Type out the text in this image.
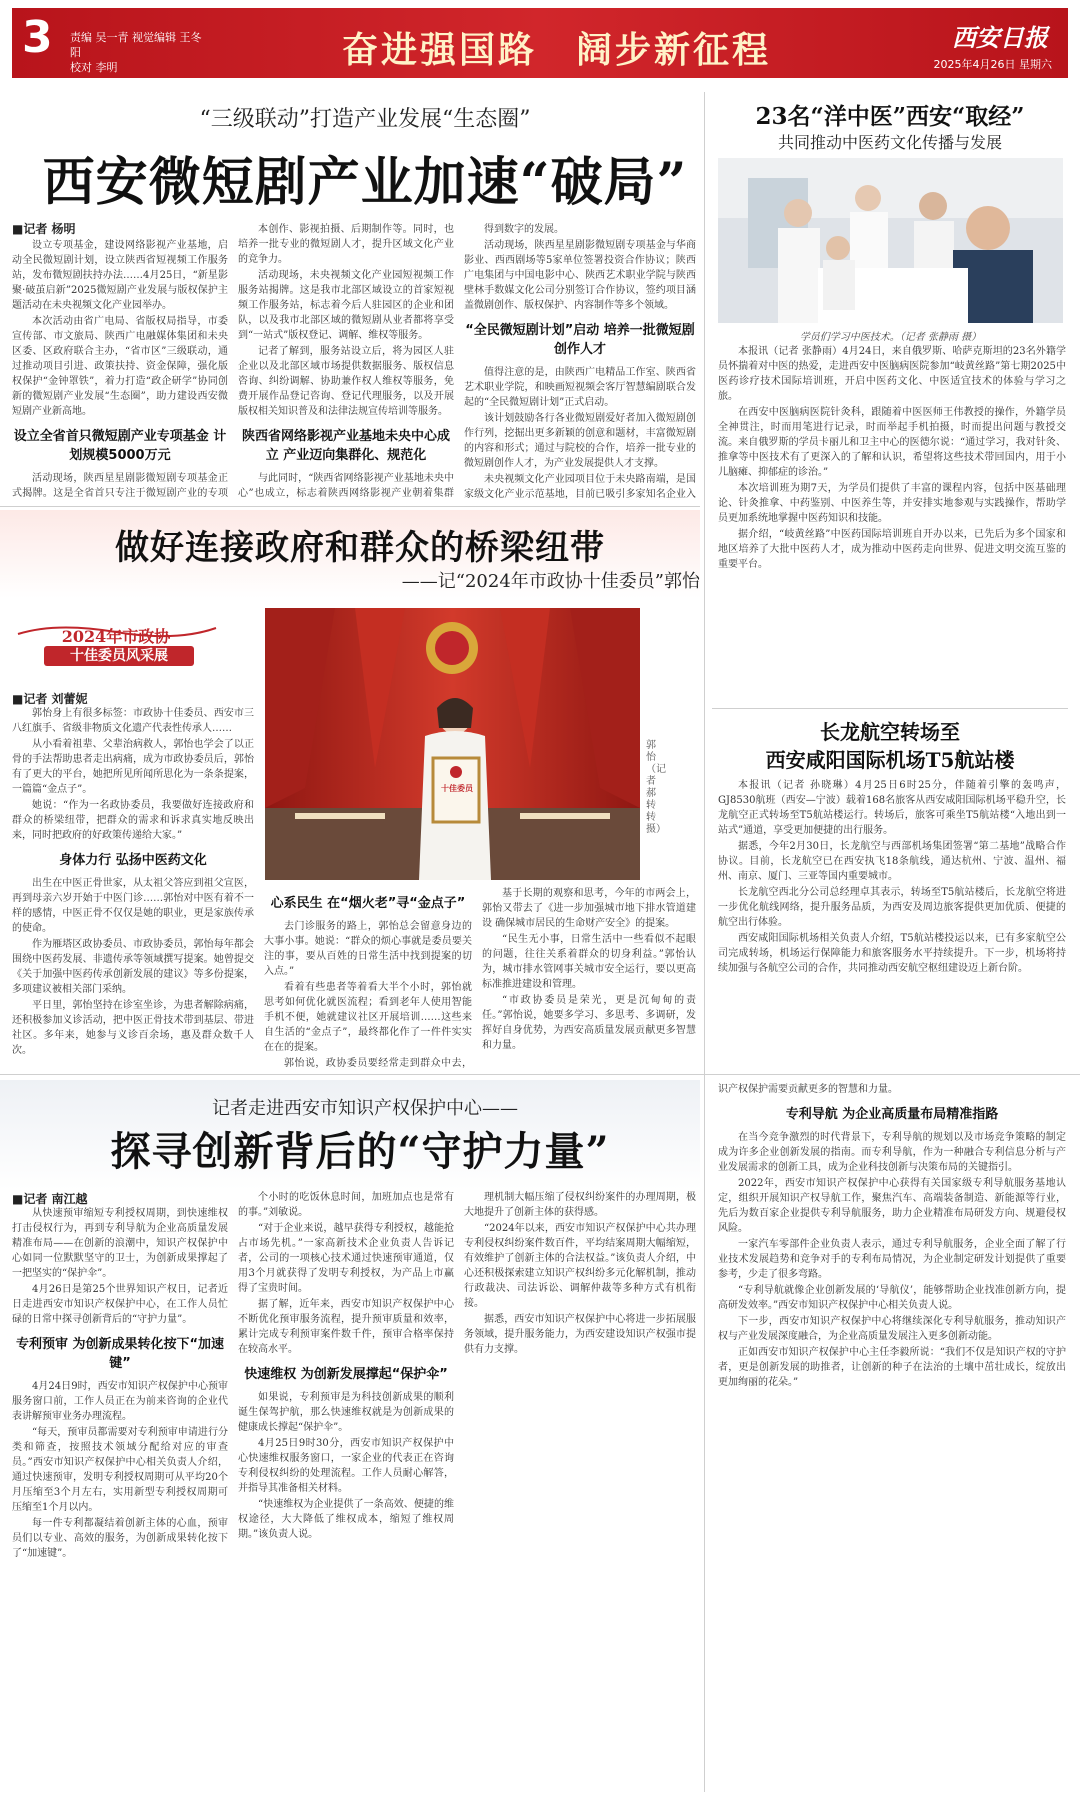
3 责编 吴一青 视觉编辑 王冬阳
校对 李明	奋进强国路　阔步新征程	西安日报
2025年4月26日 星期六
“三级联动”打造产业发展“生态圈”
西安微短剧产业加速“破局”
■记者 杨明

设立专项基金，建设网络影视产业基地，启动全民微短剧计划，设立陕西省短视频工作服务站，发布微短剧扶持办法……4月25日，“新星影聚·破茧启新”2025微短剧产业发展与版权保护主题活动在未央视频文化产业园举办。

本次活动由省广电局、省版权局指导，市委宣传部、市文旅局、陕西广电融媒体集团和未央区委、区政府联合主办，“省市区”三级联动，通过推动项目引进、政策扶持、资金保障，强化版权保护“金钟罩铁”，着力打造“政企研学”协同创新的微短剧产业发展“生态圈”，助力建设西安微短剧产业新高地。

设立全省首只微短剧产业专项基金 计划规模5000万元

活动现场，陕西星星剧影微短剧专项基金正式揭牌。这是全省首只专注于微短剧产业的专项

本创作、影视拍摄、后期制作等。同时，也培养一批专业的微短剧人才，提升区域文化产业的竞争力。

活动现场，未央视频文化产业园短视频工作服务站揭牌。这是我市北部区域设立的首家短视频工作服务站，标志着今后人驻园区的企业和团队，以及我市北部区域的微短剧从业者都将享受到“一站式”版权登记、调解、维权等服务。

记者了解到，服务站设立后，将为园区人驻企业以及北部区域市场提供数据服务、版权信息咨询、纠纷调解、协助兼作权人维权等服务，免费开展作品登记咨询、登记代理服务，以及开展版权相关知识普及和法律法规宣传培训等服务。

陕西省网络影视产业基地未央中心成立 产业迈向集群化、规范化

与此同时，“陕西省网络影视产业基地未央中心”也成立，标志着陕西网络影视产业朝着集群

得到数字的发展。

活动现场，陕西星星剧影微短剧专项基金与华商影业、西西剧场等5家单位签署投资合作协议；陕西广电集团与中国电影中心、陕西艺术职业学院与陕西壁林手数媒文化公司分别签订合作协议，签约项目涵盖微剧创作、版权保护、内容制作等多个领域。

“全民微短剧计划”启动 培养一批微短剧创作人才

值得注意的是，由陕西广电精品工作室、陕西省艺术职业学院，和映画短视频会客厅智慧编剧联合发起的“全民微短剧计划”正式启动。

该计划鼓励各行各业微短剧爱好者加入微短剧创作行列，挖掘出更多新颖的创意和题材，丰富微短剧的内容和形式；通过与院校的合作，培养一批专业的微短剧创作人才，为产业发展提供人才支撑。

未央视频文化产业园项目位于未央路南端，是国家级文化产业示范基地，目前已吸引多家知名企业入

23名“洋中医”西安“取经”
共同推动中医药文化传播与发展
学员们学习中医技术。（记者 张静雨 摄）

本报讯（记者 张静雨）4月24日，来自俄罗斯、哈萨克斯坦的23名外籍学员怀揣着对中医的热爱，走进西安中医脑病医院参加“岐黄丝路”第七期2025中医药诊疗技术国际培训班，开启中医药文化、中医适宜技术的体验与学习之旅。

在西安中医脑病医院针灸科，跟随着中医医师王伟教授的操作，外籍学员全神贯注，时而用笔进行记录，时而举起手机拍摄，时而提出问题与教授交流。来自俄罗斯的学员卡丽儿和卫主中心的医德尔说：“通过学习，我对针灸、推拿等中医技术有了更深入的了解和认识，希望将这些技术带回国内，用于小儿脑瘫、抑郁症的诊治。”

本次培训班为期7天，为学员们提供了丰富的课程内容，包括中医基础理论、针灸推拿、中药鉴别、中医养生等，并安排实地参观与实践操作，帮助学员更加系统地掌握中医药知识和技能。

据介绍，“岐黄丝路”中医药国际培训班自开办以来，已先后为多个国家和地区培养了大批中医药人才，成为推动中医药走向世界、促进文明交流互鉴的重要平台。

长龙航空转场至
西安咸阳国际机场T5航站楼

本报讯（记者 孙晓琳）4月25日6时25分，伴随着引擎的轰鸣声，GJ8530航班（西安—宁波）载着168名旅客从西安咸阳国际机场平稳升空，长龙航空正式转场至T5航站楼运行。转场后，旅客可乘坐T5航站楼“入地出到一站式”通道，享受更加便捷的出行服务。

据悉，今年2月30日，长龙航空与西部机场集团签署“第二基地”战略合作协议。目前，长龙航空已在西安执飞18条航线，通达杭州、宁波、温州、福州、南京、厦门、三亚等国内重要城市。

长龙航空西北分公司总经理卓其表示，转场至T5航站楼后，长龙航空将进一步优化航线网络，提升服务品质，为西安及周边旅客提供更加优质、便捷的航空出行体验。

西安咸阳国际机场相关负责人介绍，T5航站楼投运以来，已有多家航空公司完成转场，机场运行保障能力和旅客服务水平持续提升。下一步，机场将持续加强与各航空公司的合作，共同推动西安航空枢纽建设迈上新台阶。

做好连接政府和群众的桥梁纽带
——记“2024年市政协十佳委员”郭怡
2024年市政协
十佳委员风采展
■记者 刘蕾妮
十佳委员
郭怡（记者 郝转转 摄）

郭怡身上有很多标签：市政协十佳委员、西安市三八红旗手、省级非物质文化遗产代表性传承人……

从小看着祖辈、父辈治病救人，郭怡也学会了以正骨的手法帮助患者走出病痛，成为市政协委员后，郭怡有了更大的平台，她把所见所闻所思化为一条条提案，一篇篇“金点子”。

她说：“作为一名政协委员，我要做好连接政府和群众的桥梁纽带，把群众的需求和诉求真实地反映出来，同时把政府的好政策传递给大家。”

身体力行 弘扬中医药文化

出生在中医正骨世家，从太祖父答应到祖父宣医，再到母亲六岁开始于中医门诊……郭怡对中医有着不一样的感情，中医正骨不仅仅是她的职业，更是家族传承的使命。

作为雁塔区政协委员、市政协委员，郭怡每年都会围绕中医药发展、非遗传承等领域撰写提案。她曾提交《关于加强中医药传承创新发展的建议》等多份提案，多项建议被相关部门采纳。

平日里，郭怡坚持在诊室坐诊，为患者解除病痛，还积极参加义诊活动，把中医正骨技术带到基层、带进社区。多年来，她参与义诊百余场，惠及群众数千人次。

心系民生 在“烟火老”寻“金点子”

去门诊服务的路上，郭怡总会留意身边的大事小事。她说：“群众的烦心事就是委员要关注的事，要从百姓的日常生活中找到提案的切入点。”

看着有些患者等着看大半个小时，郭怡就思考如何优化就医流程；看到老年人使用智能手机不便，她就建议社区开展培训……这些来自生活的“金点子”，最终都化作了一件件实实在在的提案。

郭怡说，政协委员要经常走到群众中去，

基于长期的观察和思考，今年的市两会上，郭怡又带去了《进一步加强城市地下排水管道建设 确保城市居民的生命财产安全》的提案。

“民生无小事，日常生活中一些看似不起眼的问题，往往关系着群众的切身利益。”郭怡认为，城市排水管网事关城市安全运行，要以更高标准推进建设和管理。

“市政协委员是荣光，更是沉甸甸的责任。”郭怡说，她要多学习、多思考、多调研，发挥好自身优势，为西安高质量发展贡献更多智慧和力量。

记者走进西安市知识产权保护中心——
探寻创新背后的“守护力量”
■记者 南江越

从快速预审缩短专利授权周期，到快速维权打击侵权行为，再到专利导航为企业高质量发展精准布局——在创新的浪潮中，知识产权保护中心如同一位默默坚守的卫士，为创新成果撑起了一把坚实的“保护伞”。

4月26日是第25个世界知识产权日，记者近日走进西安市知识产权保护中心，在工作人员忙碌的日常中探寻创新背后的“守护力量”。

专利预审 为创新成果转化按下“加速键”

4月24日9时，西安市知识产权保护中心预审服务窗口前，工作人员正在为前来咨询的企业代表讲解预审业务办理流程。

“每天，预审员都需要对专利预审申请进行分类和筛查，按照技术领域分配给对应的审查员。”西安市知识产权保护中心相关负责人介绍，通过快速预审，发明专利授权周期可从平均20个月压缩至3个月左右，实用新型专利授权周期可压缩至1个月以内。

每一件专利都凝结着创新主体的心血，预审员们以专业、高效的服务，为创新成果转化按下了“加速键”。

个小时的吃饭休息时间，加班加点也是常有的事。”刘敏说。

“对于企业来说，越早获得专利授权，越能抢占市场先机。”一家高新技术企业负责人告诉记者，公司的一项核心技术通过快速预审通道，仅用3个月就获得了发明专利授权，为产品上市赢得了宝贵时间。

据了解，近年来，西安市知识产权保护中心不断优化预审服务流程，提升预审质量和效率，累计完成专利预审案件数千件，预审合格率保持在较高水平。

快速维权 为创新发展撑起“保护伞”

如果说，专利预审是为科技创新成果的顺利诞生保驾护航，那么快速维权就是为创新成果的健康成长撑起“保护伞”。

4月25日9时30分，西安市知识产权保护中心快速维权服务窗口，一家企业的代表正在咨询专利侵权纠纷的处理流程。工作人员耐心解答，并指导其准备相关材料。

“快速维权为企业提供了一条高效、便捷的维权途径，大大降低了维权成本，缩短了维权周期。”该负责人说。

理机制大幅压缩了侵权纠纷案件的办理周期，极大地提升了创新主体的获得感。

“2024年以来，西安市知识产权保护中心共办理专利侵权纠纷案件数百件，平均结案周期大幅缩短，有效维护了创新主体的合法权益。”该负责人介绍，中心还积极探索建立知识产权纠纷多元化解机制，推动行政裁决、司法诉讼、调解仲裁等多种方式有机衔接。

据悉，西安市知识产权保护中心将进一步拓展服务领域，提升服务能力，为西安建设知识产权强市提供有力支撑。

识产权保护需要贡献更多的智慧和力量。

专利导航 为企业高质量布局精准指路

在当今竞争激烈的时代背景下，专利导航的规划以及市场竞争策略的制定成为许多企业创新发展的指南。而专利导航，作为一种融合专利信息分析与产业发展需求的创新工具，成为企业科技创新与决策布局的关键指引。

2022年，西安市知识产权保护中心获得有关国家级专利导航服务基地认定，组织开展知识产权导航工作，聚焦汽车、高端装备制造、新能源等行业，先后为数百家企业提供专利导航服务，助力企业精准布局研发方向、规避侵权风险。

一家汽车零部件企业负责人表示，通过专利导航服务，企业全面了解了行业技术发展趋势和竞争对手的专利布局情况，为企业制定研发计划提供了重要参考，少走了很多弯路。

“专利导航就像企业创新发展的‘导航仪’，能够帮助企业找准创新方向，提高研发效率。”西安市知识产权保护中心相关负责人说。

下一步，西安市知识产权保护中心将继续深化专利导航服务，推动知识产权与产业发展深度融合，为企业高质量发展注入更多创新动能。

正如西安市知识产权保护中心主任李毅所说：“我们不仅是知识产权的守护者，更是创新发展的助推者，让创新的种子在法治的土壤中茁壮成长，绽放出更加绚丽的花朵。”
